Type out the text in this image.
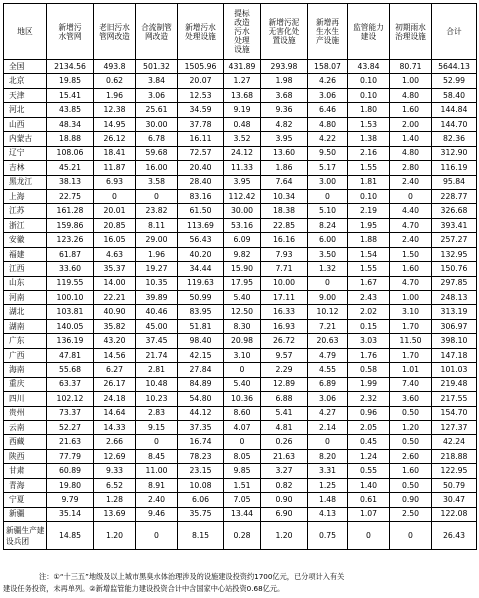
地区	新增污水管网	老旧污水管网改造	合流制管网改造	新增污水处理设施	提标改造污水处理设施	新增污泥无害化处置设施	新增再生水生产设施	监管能力建设	初期雨水治理设施	合计

全国	2134.56	493.8	501.32	1505.96	431.89	293.98	158.07	43.84	80.71	5644.13
北京	19.85	0.62	3.84	20.07	1.27	1.98	4.26	0.10	1.00	52.99
天津	15.41	1.96	3.06	12.53	13.68	3.68	3.06	0.10	4.80	58.40
河北	43.85	12.38	25.61	34.59	9.19	9.36	6.46	1.80	1.60	144.84
山西	48.34	14.95	30.00	37.78	0.48	4.82	4.80	1.53	2.00	144.70
内蒙古	18.88	26.12	6.78	16.11	3.52	3.95	4.22	1.38	1.40	82.36
辽宁	108.06	18.41	59.68	72.57	24.12	13.60	9.50	2.16	4.80	312.90
吉林	45.21	11.87	16.00	20.40	11.33	1.86	5.17	1.55	2.80	116.19
黑龙江	38.13	6.93	3.58	28.40	3.95	7.64	3.00	1.81	2.40	95.84
上海	22.75	0	0	83.16	112.42	10.34	0	0.10	0	228.77
江苏	161.28	20.01	23.82	61.50	30.00	18.38	5.10	2.19	4.40	326.68
浙江	159.86	20.85	8.11	113.69	53.16	22.85	8.24	1.95	4.70	393.41
安徽	123.26	16.05	29.00	56.43	6.09	16.16	6.00	1.88	2.40	257.27
福建	61.87	4.63	1.96	40.20	9.82	7.93	3.50	1.54	1.50	132.95
江西	33.60	35.37	19.27	34.44	15.90	7.71	1.32	1.55	1.60	150.76
山东	119.55	14.00	10.35	119.63	17.95	10.00	0	1.67	4.70	297.85
河南	100.10	22.21	39.89	50.99	5.40	17.11	9.00	2.43	1.00	248.13
湖北	103.81	40.90	40.46	83.95	12.50	16.33	10.12	2.02	3.10	313.19
湖南	140.05	35.82	45.00	51.81	8.30	16.93	7.21	0.15	1.70	306.97
广东	136.19	43.20	37.45	98.40	20.98	26.72	20.63	3.03	11.50	398.10
广西	47.81	14.56	21.74	42.15	3.10	9.57	4.79	1.76	1.70	147.18
海南	55.68	6.27	2.81	27.84	0	2.29	4.55	0.58	1.01	101.03
重庆	63.37	26.17	10.48	84.89	5.40	12.89	6.89	1.99	7.40	219.48
四川	102.12	24.18	10.23	54.80	10.36	6.88	3.06	2.32	3.60	217.55
贵州	73.37	14.64	2.83	44.12	8.60	5.41	4.27	0.96	0.50	154.70
云南	52.27	14.33	9.15	37.35	4.07	4.81	2.14	2.05	1.20	127.37
西藏	21.63	2.66	0	16.74	0	0.26	0	0.45	0.50	42.24
陕西	77.79	12.69	8.45	78.23	8.05	21.63	8.20	1.24	2.60	218.88
甘肃	60.89	9.33	11.00	23.15	9.85	3.27	3.31	0.55	1.60	122.95
青海	19.80	6.52	8.91	10.08	1.51	0.82	1.25	1.40	0.50	50.79
宁夏	9.79	1.28	2.40	6.06	7.05	0.90	1.48	0.61	0.90	30.47
新疆	35.14	13.69	9.46	35.75	13.44	6.90	4.13	1.07	2.50	122.08
新疆生产建设兵团	14.85	1.20	0	8.15	0.28	1.20	0.75	0	0	26.43
注：①“十三五”地级及以上城市黑臭水体治理涉及的设施建设投资约1700亿元，已分项计入有关
建设任务投资，未再单列。②新增监管能力建设投资合计中含国家中心站投资0.68亿元。
